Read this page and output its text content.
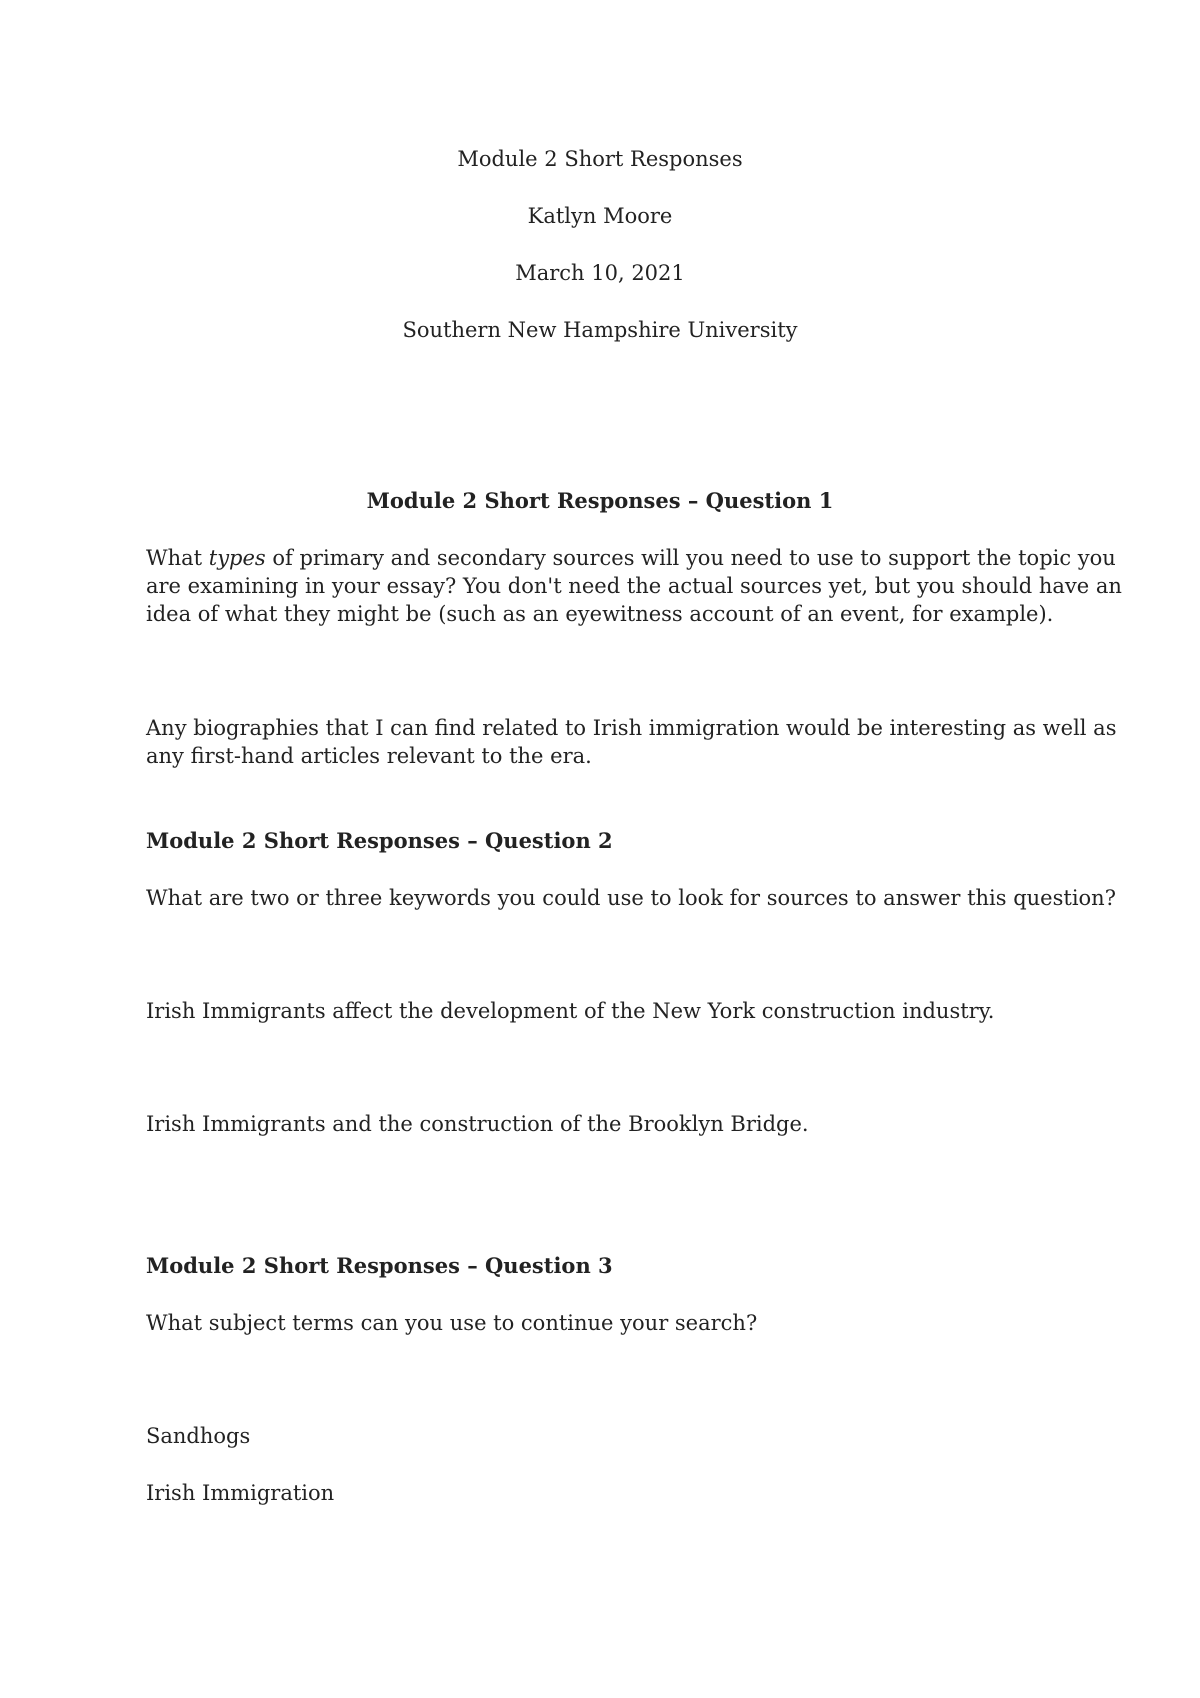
Module 2 Short Responses

Katlyn Moore

March 10, 2021

Southern New Hampshire University

Module 2 Short Responses – Question 1

What types of primary and secondary sources will you need to use to support the topic you
are examining in your essay? You don't need the actual sources yet, but you should have an
idea of what they might be (such as an eyewitness account of an event, for example).

Any biographies that I can find related to Irish immigration would be interesting as well as
any first-hand articles relevant to the era.

Module 2 Short Responses – Question 2

What are two or three keywords you could use to look for sources to answer this question?

Irish Immigrants affect the development of the New York construction industry.

Irish Immigrants and the construction of the Brooklyn Bridge.

Module 2 Short Responses – Question 3

What subject terms can you use to continue your search?

Sandhogs

Irish Immigration
